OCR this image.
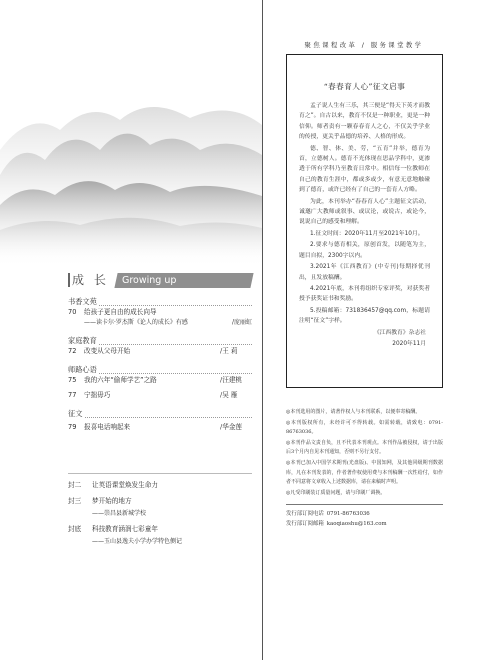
成 长	Growing up
书香文苑
70	给孩子更自由的成长向导
——读卡尔·罗杰斯《论人的成长》有感	/庞丽虹
家庭教育
72	改变从父母开始	/王 莉
师路心语
75	我的六年“偷师学艺”之路	/汪建桃
77	宁拙毋巧	/吴 雁
征文
79	报喜电话响起来	/华金莲
封二	让英语课堂焕发生命力
封三	梦开始的地方
——崇昌县新城学校
封底	科技教育涵润七彩童年
——玉山县逸夫小学办学特色侧记
聚焦课程改革 / 服务课堂教学
“春春育人心”征文启事
孟子说人生有三乐，其三便是“得天下英才而教育之”。自古以来，教育不仅是一种职业，更是一种信仰。师者责有一颗春春育人之心，不仅关乎学业的传授，更关乎品德的培养、人格的形成。
德、智、体、美、劳，“五育”并举，德育为首，立德树人。德育不光体现在思品学科中，更渗透于所有学科乃至教育日常中。相信每一位教师在自己的教育生涯中，都或多或少，有意无意地触碰到了德育，或许已经有了自己的一套育人方略。
为此，本刊举办“春春育人心”主题征文活动，诚邀广大教师或叙事、或议论，或说古，或论今，说说自己的感受和理解。
1.征文时间：2020年11月至2021年10月。
2.要求与德育相关，原创首发，以随笔为主，题目自拟，2300字以内。
3.2021年《江西教育》(中专刊)每期择优刊出，且发放稿酬。
4.2021年底，本刊将组织专家评奖，对获奖者授予获奖证书和奖励。
5.投稿邮箱：731836457@qq.com，标题请注明“征文”字样。
《江西教育》杂志社
2020年11月
◎本刊选用的图片，请著作权人与本刊联系，以便奉寄稿酬。
◎本刊版权所有，未经许可不得转载。如需转载，请致电：0791-86763036。
◎本刊作品文责自负，且不代表本刊观点。本刊作品被侵权，请于出版后3个月内自见本刊通知，否则不另行支付。
◎本刊已加入中国学术期刊(光盘版)、中国知网，及其他同级期刊数据库，凡在本刊发表的，作者著作权使用费与本刊稿酬一次性给付，如作者不同意将文章收入上述数据库，请在来稿时声明。
◎凡受印刷装订质量问题，请与印刷厂调换。
发行部订阅电话 0791-86763036
发行部订阅邮箱 kaoqiaoshu@163.com
